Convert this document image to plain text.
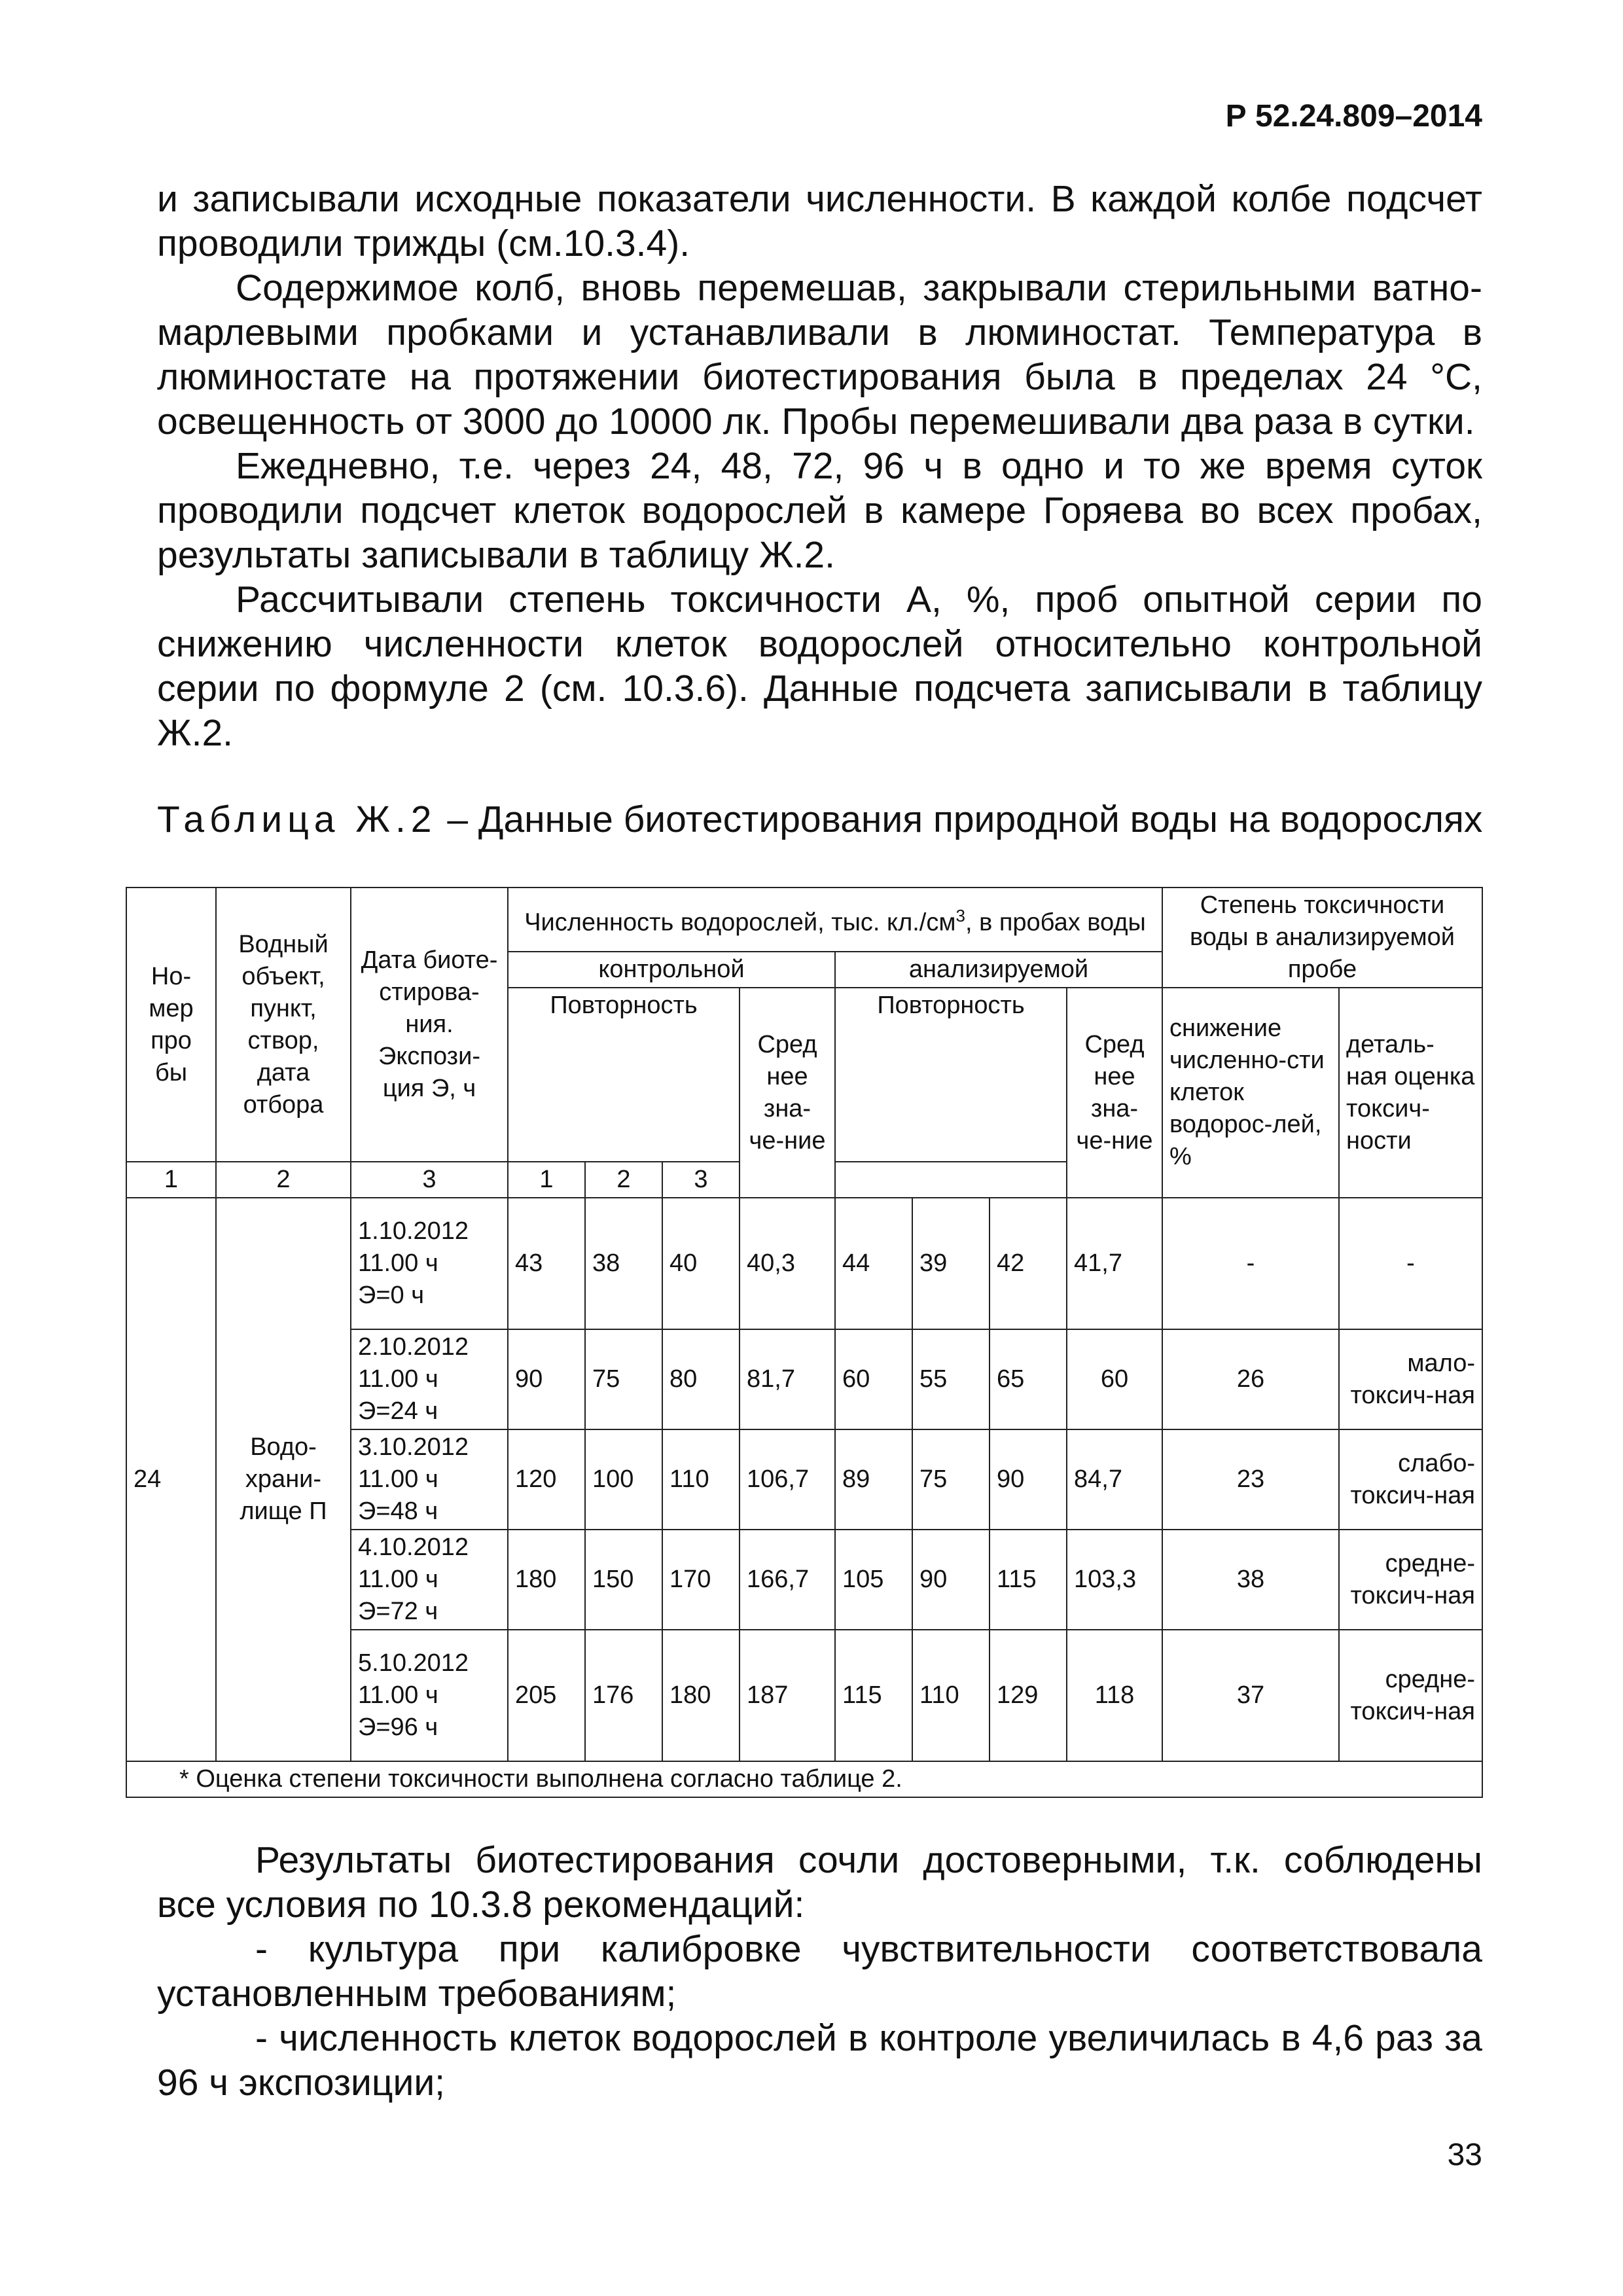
Р 52.24.809–2014

и записывали исходные показатели численности. В каждой колбе подсчет проводили трижды (см.10.3.4).

Содержимое колб, вновь перемешав, закрывали стерильными ватно-марлевыми пробками и устанавливали в люминостат. Температура в люминостате на протяжении биотестирования была в пределах 24 °С, освещенность от 3000 до 10000 лк. Пробы перемешивали два раза в сутки.

Ежедневно, т.е. через 24, 48, 72, 96 ч в одно и то же время суток проводили подсчет клеток водорослей в камере Горяева во всех пробах, результаты записывали в таблицу Ж.2.

Рассчитывали степень токсичности А, %, проб опытной серии по снижению численности клеток водорослей относительно контрольной серии по формуле 2 (см. 10.3.6). Данные подсчета записывали в таблицу Ж.2.

Таблица Ж.2 – Данные биотестирования природной воды на водорослях
Но-мер про бы	Водный объект, пункт, створ, дата отбора	Дата биоте-стирова-ния. Экспози-ция Э, ч	Численность водорослей, тыс. $кл./см^3$, в пробах воды								Степень токсичности воды в анализируемой пробе	

			контрольной				анализируемой					
			Повторность			Сред нее зна-че-ние	Повторность			Сред нее зна-че-ние	снижение численно-сти клеток водорос-лей, %	деталь-ная оценка токсич-ности
1	2	3	1	2	3							
24	Водо-храни-лище П	1.10.2012
11.00 ч
Э=0 ч	43	38	40	40,3	44	39	42	41,7	-	-

		2.10.2012
11.00 ч
Э=24 ч	90	75	80	81,7	60	55	65	60	26	мало-токсич-ная

		3.10.2012
11.00 ч
Э=48 ч	120	100	110	106,7	89	75	90	84,7	23	слабо-токсич-ная

		4.10.2012
11.00 ч
Э=72 ч	180	150	170	166,7	105	90	115	103,3	38	средне-токсич-ная

		5.10.2012
11.00 ч
Э=96 ч	205	176	180	187	115	110	129	118	37	средне-токсич-ная
* Оценка степени токсичности выполнена согласно таблице 2.												

Результаты биотестирования сочли достоверными, т.к. соблюдены все условия по 10.3.8 рекомендаций:

- культура при калибровке чувствительности соответствовала установленным требованиям;

- численность клеток водорослей в контроле увеличилась в 4,6 раз за 96 ч экспозиции;

33
